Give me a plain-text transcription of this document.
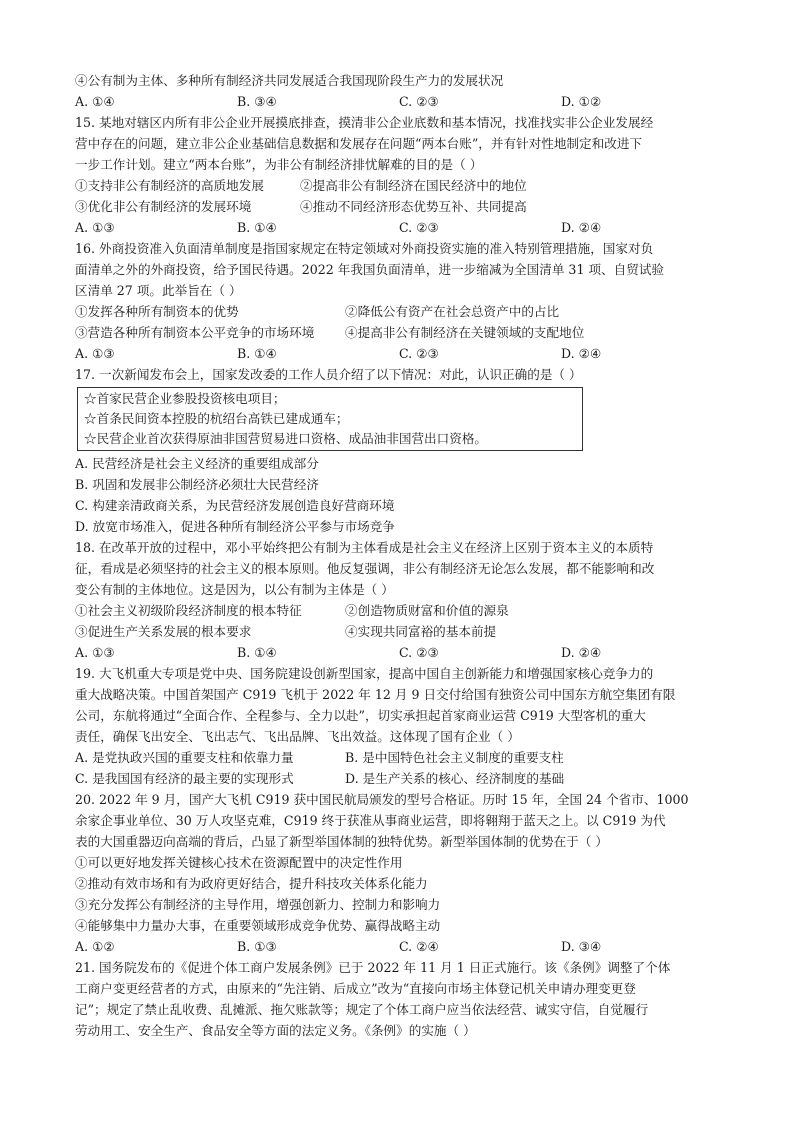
④公有制为主体、多种所有制经济共同发展适合我国现阶段生产力的发展状况
A. ①④	B. ③④	C. ②③	D. ①②
15. 某地对辖区内所有非公企业开展摸底排查，摸清非公企业底数和基本情况，找准找实非公企业发展经
营中存在的问题，建立非公企业基础信息数据和发展存在问题“两本台账”，并有针对性地制定和改进下
一步工作计划。建立“两本台账”，为非公有制经济排忧解难的目的是（ ）
①支持非公有制经济的高质地发展	②提高非公有制经济在国民经济中的地位
③优化非公有制经济的发展环境	④推动不同经济形态优势互补、共同提高
A. ①③	B. ①④	C. ②③	D. ②④
16. 外商投资准入负面清单制度是指国家规定在特定领域对外商投资实施的准入特别管理措施，国家对负
面清单之外的外商投资，给予国民待遇。2022 年我国负面清单，进一步缩减为全国清单 31 项、自贸试验
区清单 27 项。此举旨在（ ）
①发挥各种所有制资本的优势	②降低公有资产在社会总资产中的占比
③营造各种所有制资本公平竞争的市场环境 ④提高非公有制经济在关键领域的支配地位
A. ①③	B. ①④	C. ②③	D. ②④
17. 一次新闻发布会上，国家发改委的工作人员介绍了以下情况：对此，认识正确的是（ ）
☆首家民营企业参股投资核电项目；
☆首条民间资本控股的杭绍台高铁已建成通车；
☆民营企业首次获得原油非国营贸易进口资格、成品油非国营出口资格。
A. 民营经济是社会主义经济的重要组成部分
B. 巩固和发展非公制经济必须壮大民营经济
C. 构建亲清政商关系，为民营经济发展创造良好营商环境
D. 放宽市场准入，促进各种所有制经济公平参与市场竞争
18. 在改革开放的过程中，邓小平始终把公有制为主体看成是社会主义在经济上区别于资本主义的本质特
征，看成是必须坚持的社会主义的根本原则。他反复强调，非公有制经济无论怎么发展，都不能影响和改
变公有制的主体地位。这是因为，以公有制为主体是（ ）
①社会主义初级阶段经济制度的根本特征	②创造物质财富和价值的源泉
③促进生产关系发展的根本要求	④实现共同富裕的基本前提
A. ①③	B. ①④	C. ②③	D. ②④
19. 大飞机重大专项是党中央、国务院建设创新型国家，提高中国自主创新能力和增强国家核心竞争力的
重大战略决策。中国首架国产 C919 飞机于 2022 年 12 月 9 日交付给国有独资公司中国东方航空集团有限
公司，东航将通过“全面合作、全程参与、全力以赴”，切实承担起首家商业运营 C919 大型客机的重大
责任，确保飞出安全、飞出志气、飞出品牌、飞出效益。这体现了国有企业（ ）
A. 是党执政兴国的重要支柱和依靠力量	B. 是中国特色社会主义制度的重要支柱
C. 是我国国有经济的最主要的实现形式	D. 是生产关系的核心、经济制度的基础
20. 2022 年 9 月，国产大飞机 C919 获中国民航局颁发的型号合格证。历时 15 年，全国 24 个省市、1000
余家企事业单位、30 万人攻坚克难，C919 终于获准从事商业运营，即将翱翔于蓝天之上。以 C919 为代
表的大国重器迈向高端的背后，凸显了新型举国体制的独特优势。新型举国体制的优势在于（ ）
①可以更好地发挥关键核心技术在资源配置中的决定性作用
②推动有效市场和有为政府更好结合，提升科技攻关体系化能力
③充分发挥公有制经济的主导作用，增强创新力、控制力和影响力
④能够集中力量办大事，在重要领域形成竞争优势、赢得战略主动
A. ①②	B. ①③	C. ②④	D. ③④
21. 国务院发布的《促进个体工商户发展条例》已于 2022 年 11 月 1 日正式施行。该《条例》调整了个体
工商户变更经营者的方式，由原来的“先注销、后成立”改为“直接向市场主体登记机关申请办理变更登
记”；规定了禁止乱收费、乱摊派、拖欠账款等；规定了个体工商户应当依法经营、诚实守信，自觉履行
劳动用工、安全生产、食品安全等方面的法定义务。《条例》的实施（ ）
